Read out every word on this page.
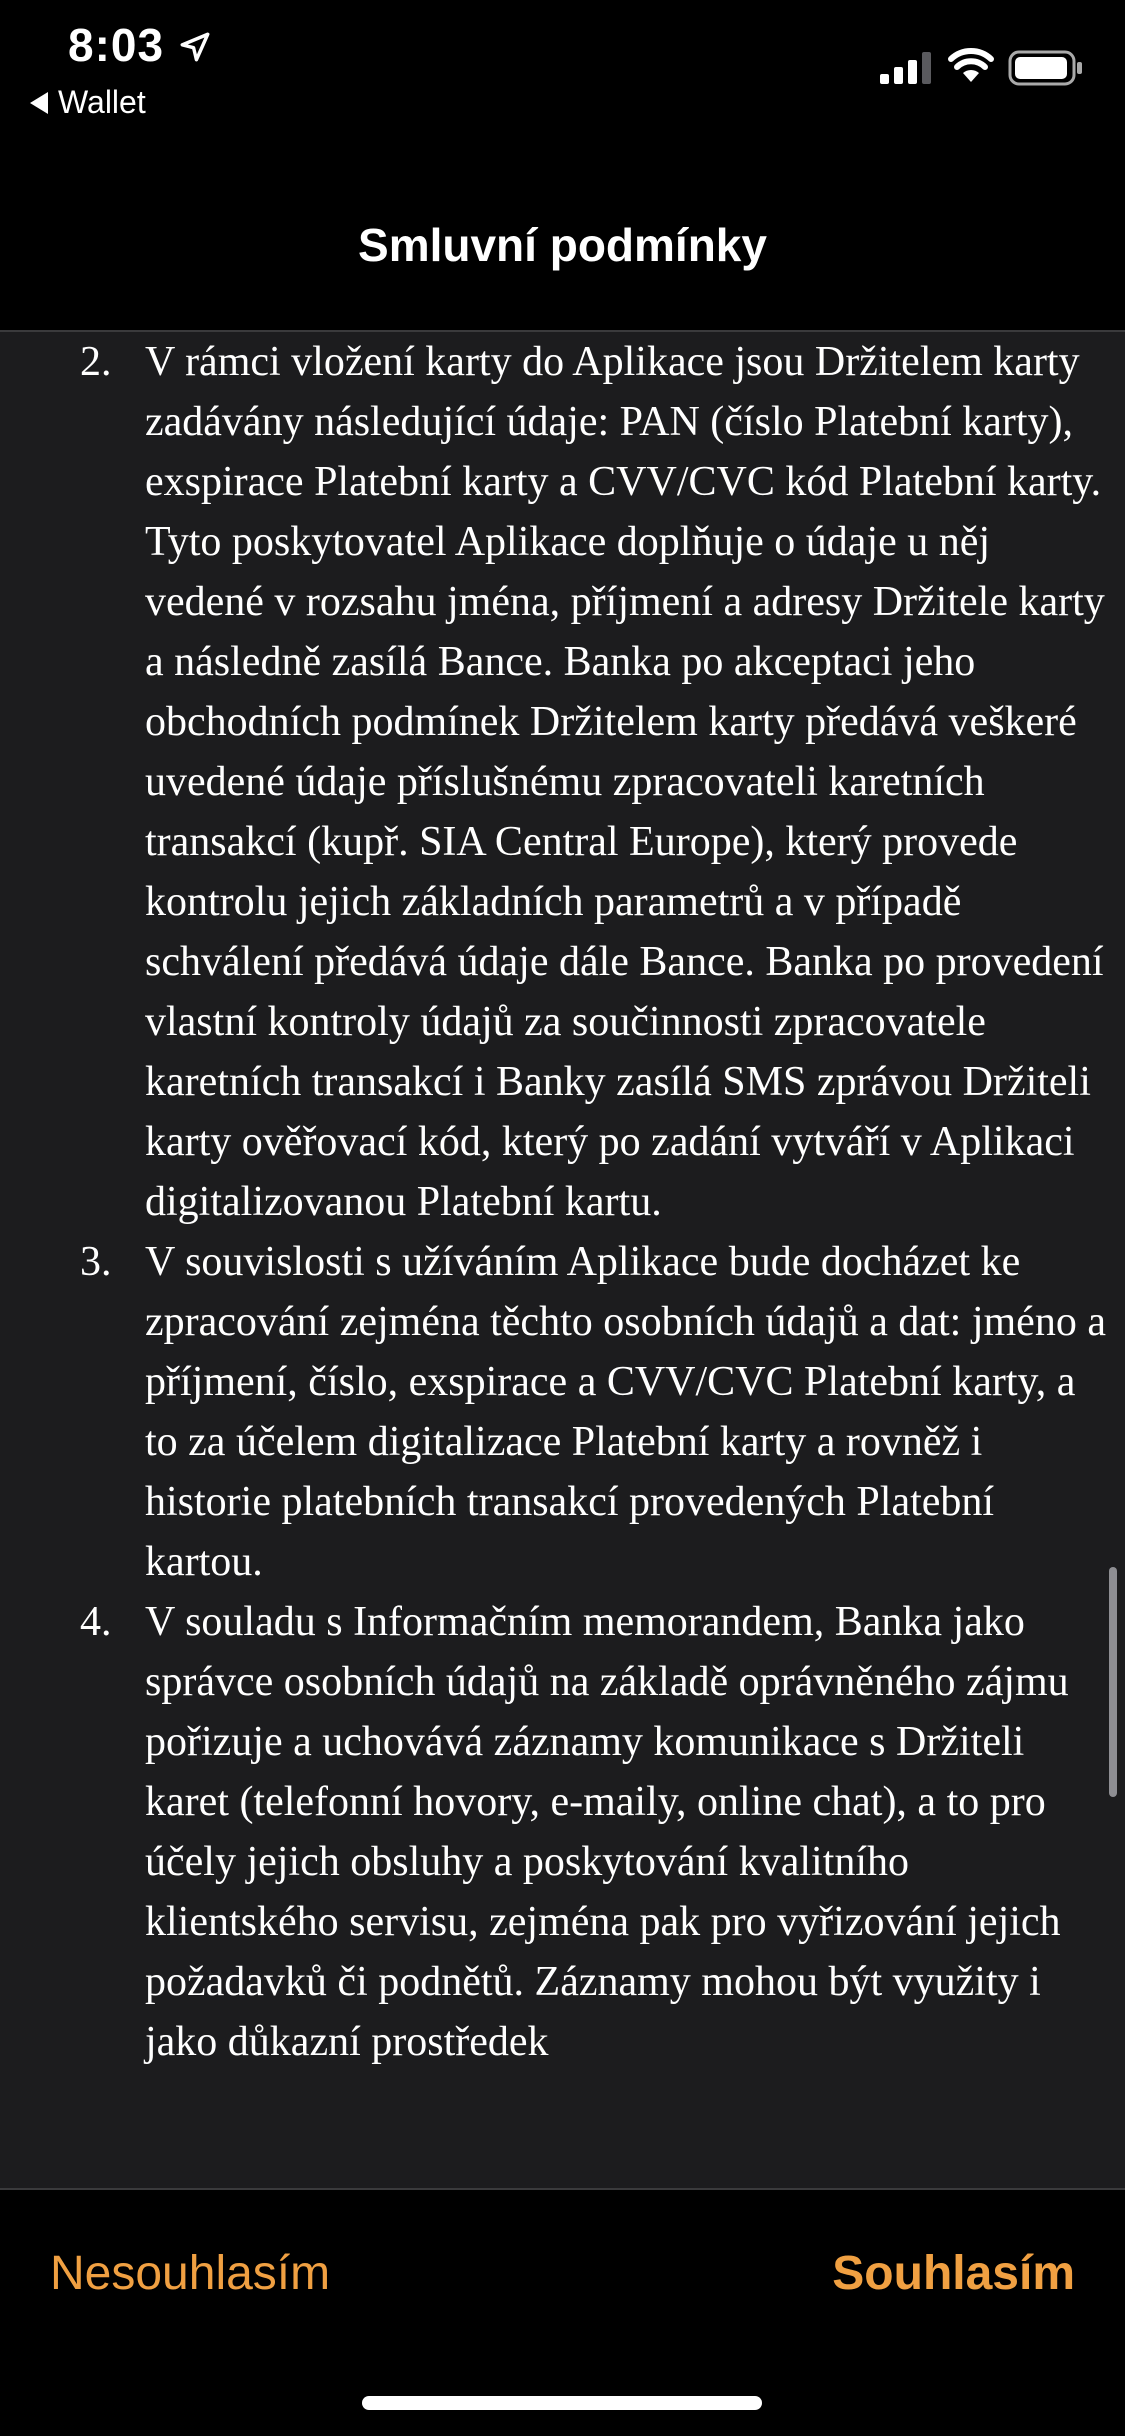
8:03
Wallet
Smluvní podmínky
2. V rámci vložení karty do Aplikace jsou Držitelem karty zadávány následující údaje: PAN (číslo Platební karty), exspirace Platební karty a CVV/CVC kód Platební karty. Tyto poskytovatel Aplikace doplňuje o údaje u něj vedené v rozsahu jména, příjmení a adresy Držitele karty a následně zasílá Bance. Banka po akceptaci jeho obchodních podmínek Držitelem karty předává veškeré uvedené údaje příslušnému zpracovateli karetních transakcí (kupř. SIA Central Europe), který provede kontrolu jejich základních parametrů a v případě schválení předává údaje dále Bance. Banka po provedení vlastní kontroly údajů za součinnosti zpracovatele karetních transakcí i Banky zasílá SMS zprávou Držiteli karty ověřovací kód, který po zadání vytváří v Aplikaci digitalizovanou Platební kartu.
3. V souvislosti s užíváním Aplikace bude docházet ke zpracování zejména těchto osobních údajů a dat: jméno a příjmení, číslo, exspirace a CVV/CVC Platební karty, a to za účelem digitalizace Platební karty a rovněž i historie platebních transakcí provedených Platební kartou.
4. V souladu s Informačním memorandem, Banka jako správce osobních údajů na základě oprávněného zájmu pořizuje a uchovává záznamy komunikace s Držiteli karet (telefonní hovory, e-maily, online chat), a to pro účely jejich obsluhy a poskytování kvalitního klientského servisu, zejména pak pro vyřizování jejich požadavků či podnětů. Záznamy mohou být využity i jako důkazní prostředek
Nesouhlasím	Souhlasím
